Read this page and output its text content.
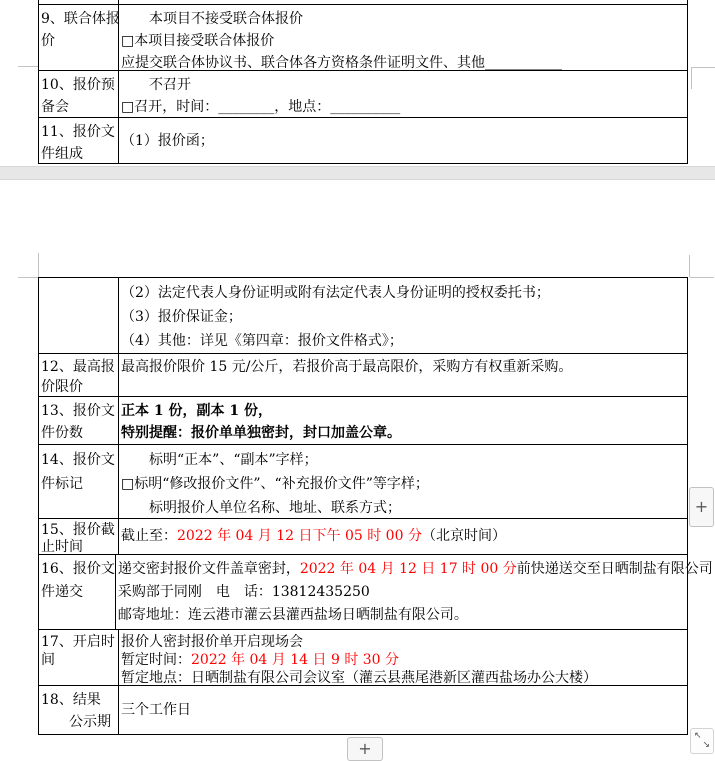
9、联合体报
价
　　本项目不接受联合体报价
□本项目接受联合体报价
应提交联合体协议书、联合体各方资格条件证明文件、其他___________
10、报价预
备会
　　不召开
□召开，时间：________，地点：__________
11、报价文
件组成
（1）报价函；
（2）法定代表人身份证明或附有法定代表人身份证明的授权委托书；
（3）报价保证金；
（4）其他：详见《第四章：报价文件格式》；
12、最高报
价限价
最高报价限价 15 元/公斤，若报价高于最高限价，采购方有权重新采购。
13、报价文
件份数
正本 1 份，副本 1 份，
特别提醒：报价单单独密封，封口加盖公章。
14、报价文
件标记
　　标明“正本”、“副本”字样；
□标明“修改报价文件”、“补充报价文件”等字样；
　　标明报价人单位名称、地址、联系方式；
15、报价截
止时间
截止至：2022 年 04 月 12 日下午 05 时 00 分（北京时间）
16、报价文
件递交
递交密封报价文件盖章密封，2022 年 04 月 12 日 17 时 00 分前快递送交至日晒制盐有限公司
采购部于同刚　电　话：13812435250
邮寄地址：连云港市灌云县灌西盐场日晒制盐有限公司。
17、开启时
间
报价人密封报价单开启现场会
暂定时间：2022 年 04 月 14 日 9 时 30 分
暂定地点：日晒制盐有限公司会议室（灌云县燕尾港新区灌西盐场办公大楼）
18、结果
　　公示期
三个工作日
+
+
↖
↘
